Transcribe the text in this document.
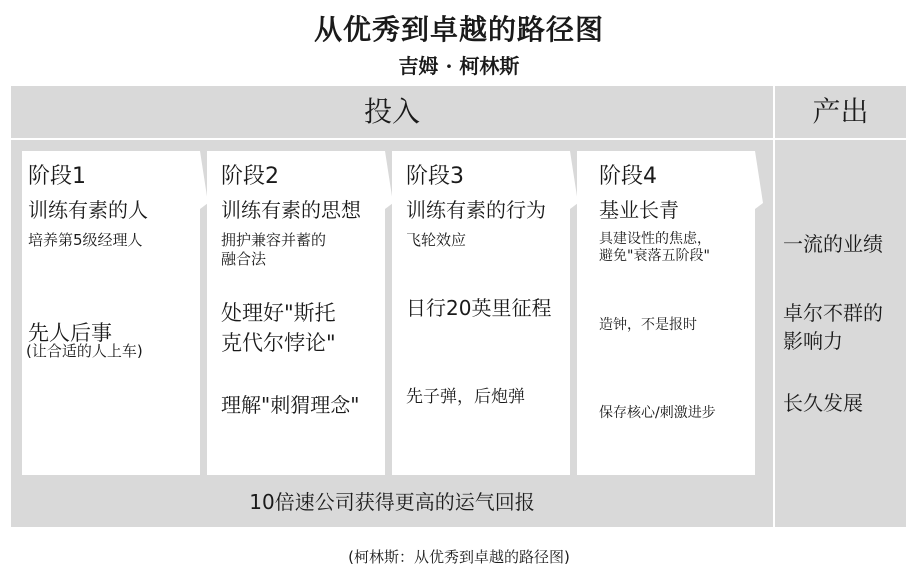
从优秀到卓越的路径图
吉姆 · 柯林斯
投入	产出
阶段1
训练有素的人
培养第5级经理人
先人后事
(让合适的人上车)
阶段2
训练有素的思想
拥护兼容并蓄的
融合法
处理好"斯托
克代尔悖论"
理解"刺猬理念"
阶段3
训练有素的行为
飞轮效应
日行20英里征程
先子弹，后炮弹
阶段4
基业长青
具建设性的焦虑，
避免"衰落五阶段"
造钟，不是报时
保存核心/刺激进步
10倍速公司获得更高的运气回报
一流的业绩
卓尔不群的
影响力
长久发展
(柯林斯：从优秀到卓越的路径图)
